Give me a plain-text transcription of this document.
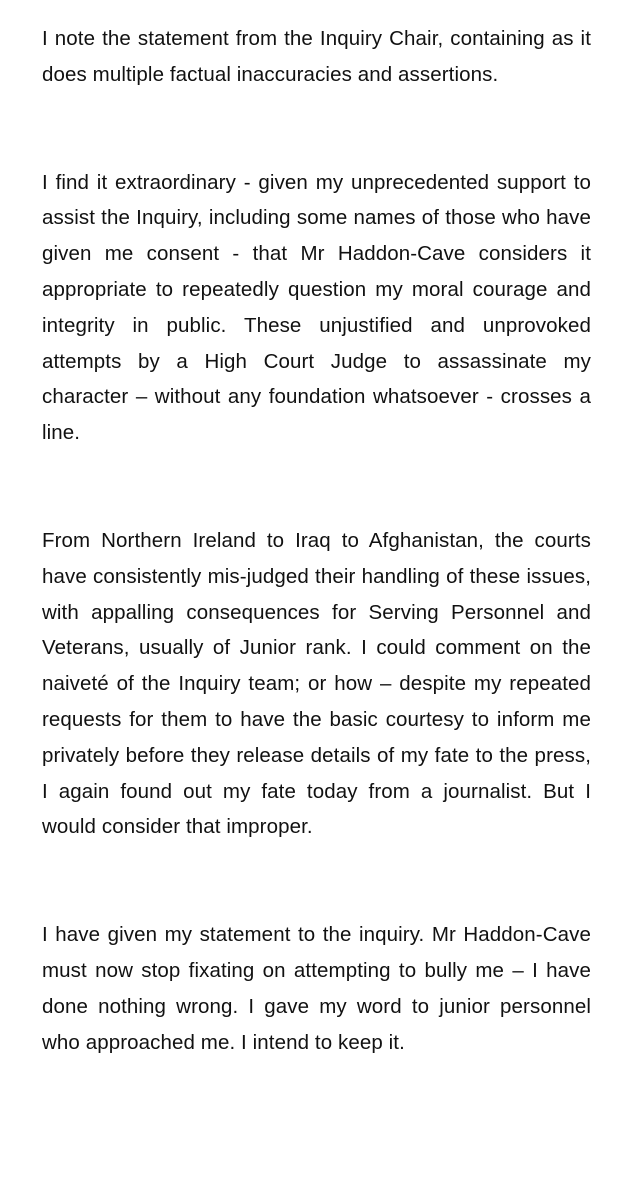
I note the statement from the Inquiry Chair, containing as it does multiple factual inaccuracies and assertions.

I find it extraordinary - given my unprecedented support to assist the Inquiry, including some names of those who have given me consent - that Mr Haddon-Cave considers it appropriate to repeatedly question my moral courage and integrity in public. These unjustified and unprovoked attempts by a High Court Judge to assassinate my character – without any foundation whatsoever - crosses a line.

From Northern Ireland to Iraq to Afghanistan, the courts have consistently mis-judged their handling of these issues, with appalling consequences for Serving Personnel and Veterans, usually of Junior rank. I could comment on the naiveté of the Inquiry team; or how – despite my repeated requests for them to have the basic courtesy to inform me privately before they release details of my fate to the press, I again found out my fate today from a journalist. But I would consider that improper.

I have given my statement to the inquiry. Mr Haddon-Cave must now stop fixating on attempting to bully me – I have done nothing wrong. I gave my word to junior personnel who approached me. I intend to keep it.
